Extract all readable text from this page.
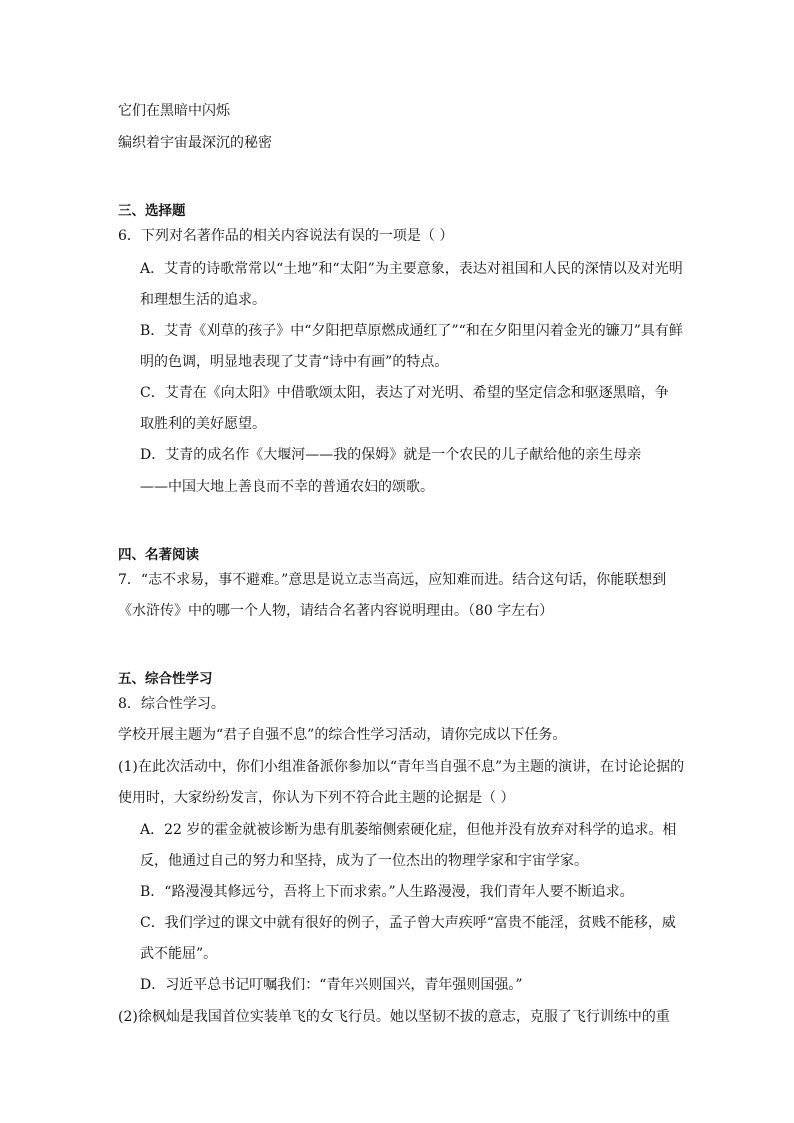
它们在黑暗中闪烁
编织着宇宙最深沉的秘密
三、选择题
6．下列对名著作品的相关内容说法有误的一项是（ ）
A．艾青的诗歌常常以“土地”和“太阳”为主要意象，表达对祖国和人民的深情以及对光明
和理想生活的追求。
B．艾青《刈草的孩子》中“夕阳把草原燃成通红了”“和在夕阳里闪着金光的镰刀”具有鲜
明的色调，明显地表现了艾青“诗中有画”的特点。
C．艾青在《向太阳》中借歌颂太阳，表达了对光明、希望的坚定信念和驱逐黑暗，争
取胜利的美好愿望。
D．艾青的成名作《大堰河——我的保姆》就是一个农民的儿子献给他的亲生母亲
——中国大地上善良而不幸的普通农妇的颂歌。
四、名著阅读
7．“志不求易，事不避难。”意思是说立志当高远，应知难而进。结合这句话，你能联想到
《水浒传》中的哪一个人物，请结合名著内容说明理由。（80 字左右）
五、综合性学习
8．综合性学习。
学校开展主题为“君子自强不息”的综合性学习活动，请你完成以下任务。
(1)在此次活动中，你们小组准备派你参加以“青年当自强不息”为主题的演讲，在讨论论据的
使用时，大家纷纷发言，你认为下列不符合此主题的论据是（ ）
A．22 岁的霍金就被诊断为患有肌萎缩侧索硬化症，但他并没有放弃对科学的追求。相
反，他通过自己的努力和坚持，成为了一位杰出的物理学家和宇宙学家。
B．“路漫漫其修远兮，吾将上下而求索。”人生路漫漫，我们青年人要不断追求。
C．我们学过的课文中就有很好的例子，孟子曾大声疾呼“富贵不能淫，贫贱不能移，威
武不能屈”。
D．习近平总书记叮嘱我们：“青年兴则国兴，青年强则国强。”
(2)徐枫灿是我国首位实装单飞的女飞行员。她以坚韧不拔的意志，克服了飞行训练中的重
